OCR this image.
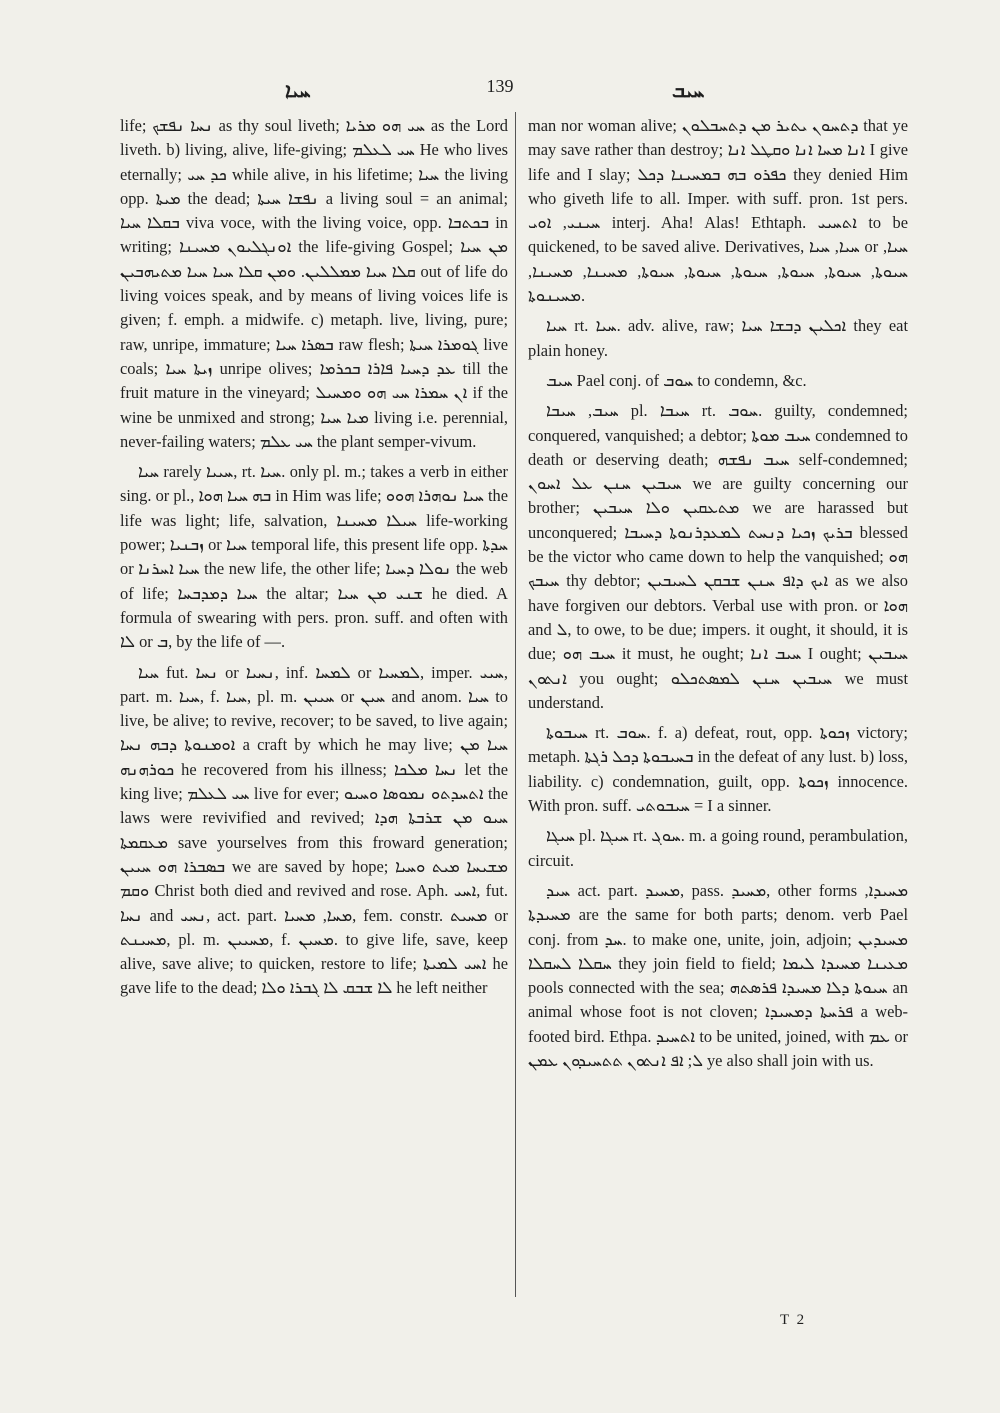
ܚܝܐ	139	ܚܝܒ

life; ܢܚܐ ܢܦܫܟ as thy soul liveth; ܚܝ ܗܘ ܡܪܝܐ as the Lord liveth. b) living, alive, life-giving; ܚܝ ܠܥܠܡ He who lives eternally; ܟܕ ܚܝ while alive, in his lifetime; ܚܝܐ the living opp. ܡܝܬܐ the dead; ܢܦܫܐ ܚܝܬܐ a living soul = an animal; ܒܩܠܐ ܚܝܐ viva voce, with the living voice, opp. ܒܟܬܒܐ in writing; ܐܘܢܓܠܝܘܢ ܡܚܝܢܐ the life-giving Gospel; ܡܢ ܚܝܐ ܩܠܐ ܚܝܐ ܡܡܠܠܝܢ. ܘܡܢ ܩܠܐ ܚܝܐ ܚܝܐ ܡܬܝܗܒܝܢ out of life do living voices speak, and by means of living voices life is given; f. emph. a midwife. c) metaph. live, living, pure; raw, unripe, immature; ܒܣܪܐ ܚܝܐ raw flesh; ܓܘܡܪܐ ܚܝܬܐ live coals; ܙܝܬܐ ܚܝܐ unripe olives; ܥܕ ܕܚܝܐ ܦܐܪܐ ܒܟܪܡܐ till the fruit mature in the vineyard; ܐܢ ܚܡܪܐ ܚܝ ܗܘ ܘܡܚܝܠ if the wine be unmixed and strong; ܡܝܐ ܚܝܐ living i.e. perennial, never-failing waters; ܚܝ ܥܠܡ the plant semper-vivum.

ܚܝܐ rarely ܚܝܝܐ, rt. ܚܝܐ. only pl. m.; takes a verb in either sing. or pl., ܒܗ ܚܝܐ ܗܘܐ in Him was life; ܚܝܐ ܢܘܗܪܐ ܗܘܘ the life was light; life, salvation, ܚܝܠܐ ܡܚܝܢܐ life-working power; ܙܒܢܝܐ or ܚܝܐ temporal life, this present life opp. ܚܕܬܐ or ܚܝܐ ܐܚܪܢܐ the new life, the other life; ܢܘܠܐ ܕܚܝܐ the web of life; ܚܝܐ ܕܡܕܒܚܐ the altar; ܫܢܝ ܡܢ ܚܝܐ he died. A formula of swearing with pers. pron. suff. and often with ܠܐ or ܒ, by the life of —.

ܚܝܐ fut. ܢܚܐ or ܢܚܝܐ, inf. ܠܡܚܐ or ܠܡܚܝܐ, imper. ܚܝܝ, part. m. ܚܝܐ, f. ܚܝܐ, pl. m. ܚܝܝܢ or ܚܝܢ and anom. ܚܝܐ to live, be alive; to revive, recover; to be saved, to live again; ܐܘܡܢܘܬܐ ܕܒܗ ܢܚܐ a craft by which he may live; ܚܝܐ ܡܢ ܟܘܪܗܢܗ he recovered from his illness; ܢܚܐ ܡܠܟܐ let the king live; ܚܝ ܠܥܠܡ live for ever; ܐܬܚܕܬܘ ܢܡܘܣܐ ܘܚܝܘ the laws were revivified and revived; ܚܝܘ ܡܢ ܫܪܒܬܐ ܗܕܐ ܡܥܩܡܬܐ save yourselves from this froward generation; ܒܣܒܪܐ ܗܘ ܚܝܝܢ we are saved by hope; ܡܫܝܚܐ ܡܝܬ ܘܚܝܐ ܘܩܡ Christ both died and revived and rose. Aph. ܐܚܝ, fut. ܢܚܐ and ܢܚܝ, act. part. ܡܚܐ, ܡܚܝܐ, fem. constr. ܡܚܝܬ or ܡܚܝܢܬ, pl. m. ܡܚܝܝܢ, f. ܡܚܝܢ. to give life, save, keep alive, save alive; to quicken, restore to life; ܐܚܝ ܠܡܝܬܐ he gave life to the dead; ܠܐ ܫܒܩ ܠܐ ܓܒܪܐ ܘܠܐ he left neither

man nor woman alive; ܕܬܚܘܢ ܝܬܝܪ ܡܢ ܕܬܚܒܠܘܢ that ye may save rather than destroy; ܐܢܐ ܡܚܐ ܐܢܐ ܘܩܛܠ ܐܢܐ I give life and I slay; ܟܦܪܘ ܒܗ ܒܡܚܝܢܐ ܕܟܠ they denied Him who giveth life to all. Imper. with suff. pron. 1st pers. ܚܝܢܝ, ܐܘܝ interj. Aha! Alas! Ethtaph. ܐܬܚܝܝ to be quickened, to be saved alive. Derivatives, ܚܝܐ, ܚܝܐ or ܚܝܐ, ܚܝܘܬܐ, ܚܝܘܬܐ, ܚܝܘܬܐ, ܚܝܘܬܐ, ܚܝܘܬܐ, ܚܝܘܬܐ, ܡܚܝܢܐ, ܡܚܝܢܐ, ܡܚܝܢܘܬܐ.

ܚܝܐ rt. ܚܝܐ. adv. alive, raw; ܐܟܠܝܢ ܕܒܫܐ ܚܝܐ they eat plain honey.

ܚܝܒ Pael conj. of ܚܘܒ to condemn, &c.

ܚܝܒ, ܚܝܒܐ pl. ܚܝܒܐ rt. ܚܘܒ. guilty, condemned; conquered, vanquished; a debtor; ܚܝܒ ܡܘܬܐ condemned to death or deserving death; ܚܝܒ ܢܦܫܗ self-condemned; ܚܝܒܝܢ ܚܢܢ ܥܠ ܐܚܘܢ we are guilty concerning our brother; ܡܬܥܩܝܢ ܘܠܐ ܚܝܒܝܢ we are harassed but unconquered; ܒܪܝܟ ܙܟܝܐ ܕܢܚܬ ܠܡܥܕܪܢܘܬܐ ܕܚܝܒܐ blessed be the victor who came down to help the vanquished; ܗܘ ܚܝܒܟ thy debtor; ܐܝܟ ܕܐܦ ܚܢܢ ܫܒܩܢ ܠܚܝܒܝܢ as we also have forgiven our debtors. Verbal use with pron. or ܗܘܐ and ܠ, to owe, to be due; impers. it ought, it should, it is due; ܚܝܒ ܗܘ it must, he ought; ܚܝܒ ܐܢܐ I ought; ܚܝܒܝܢ ܐܢܬܘܢ you ought; ܚܝܒܝܢ ܚܢܢ ܠܡܣܬܟܠܘ we must understand.

ܚܝܒܘܬܐ rt. ܚܘܒ. f. a) defeat, rout, opp. ܙܟܘܬܐ victory; metaph. ܒܚܝܒܘܬܐ ܕܟܠ ܪܓܬܐ in the defeat of any lust. b) loss, liability. c) condemnation, guilt, opp. ܙܟܘܬܐ innocence. With pron. suff. ܚܝܒܘܬܝ = I a sinner.

ܚܝܓܐ pl. ܚܝܓܐ rt. ܚܘܓ. m. a going round, perambulation, circuit.

ܚܝܕ act. part. ܡܚܝܕ, pass. ܡܚܝܕ, other forms ܡܚܝܕܐ, ܡܚܝܕܬܐ are the same for both parts; denom. verb Pael conj. from ܚܕ. to make one, unite, join, adjoin; ܡܚܝܕܝܢ ܚܩܠܐ ܠܚܩܠܐ they join field to field; ܡܥܝܢܐ ܡܚܝܕܐ ܠܝܡܐ pools connected with the sea; ܚܝܘܬܐ ܕܠܐ ܡܚܝܕܐ ܦܪܣܬܗ an animal whose foot is not cloven; ܦܪܚܬܐ ܕܡܚܝܕܐ a web-footed bird. Ethpa. ܐܬܚܝܕ to be united, joined, with ܥܡ or ܠ; ܐܦ ܐܢܬܘܢ ܬܬܚܝܕܘܢ ܥܡܢ ye also shall join with us.

T 2
